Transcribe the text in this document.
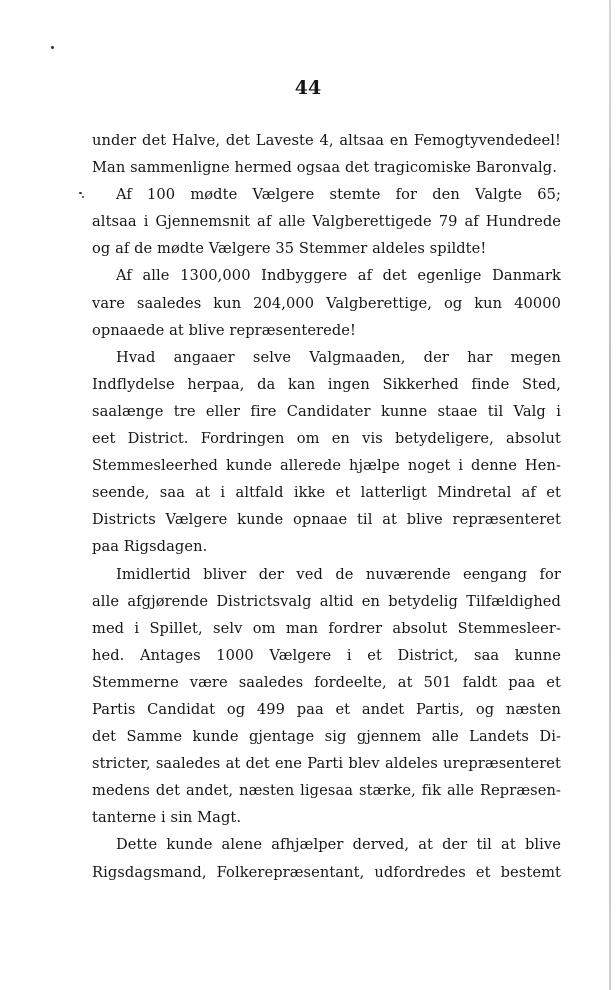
44
under det Halve, det Laveste 4, altsaa en Femogtyvendedeel!
Man sammenligne hermed ogsaa det tragicomiske Baronvalg.
Af 100 mødte Vælgere stemte for den Valgte 65;
altsaa i Gjennemsnit af alle Valgberettigede 79 af Hundrede
og af de mødte Vælgere 35 Stemmer aldeles spildte!
Af alle 1300,000 Indbyggere af det egenlige Danmark
vare saaledes kun 204,000 Valgberettige, og kun 40000
opnaaede at blive repræsenterede!
Hvad angaaer selve Valgmaaden, der har megen
Indflydelse herpaa, da kan ingen Sikkerhed finde Sted,
saalænge tre eller fire Candidater kunne staae til Valg i
eet District. Fordringen om en vis betydeligere, absolut
Stemmesleerhed kunde allerede hjælpe noget i denne Hen-
seende, saa at i altfald ikke et latterligt Mindretal af et
Districts Vælgere kunde opnaae til at blive repræsenteret
paa Rigsdagen.
Imidlertid bliver der ved de nuværende eengang for
alle afgjørende Districtsvalg altid en betydelig Tilfældighed
med i Spillet, selv om man fordrer absolut Stemmesleer-
hed. Antages 1000 Vælgere i et District, saa kunne
Stemmerne være saaledes fordeelte, at 501 faldt paa et
Partis Candidat og 499 paa et andet Partis, og næsten
det Samme kunde gjentage sig gjennem alle Landets Di-
stricter, saaledes at det ene Parti blev aldeles urepræsenteret
medens det andet, næsten ligesaa stærke, fik alle Repræsen-
tanterne i sin Magt.
Dette kunde alene afhjælper derved, at der til at blive
Rigsdagsmand, Folkerepræsentant, udfordredes et bestemt
